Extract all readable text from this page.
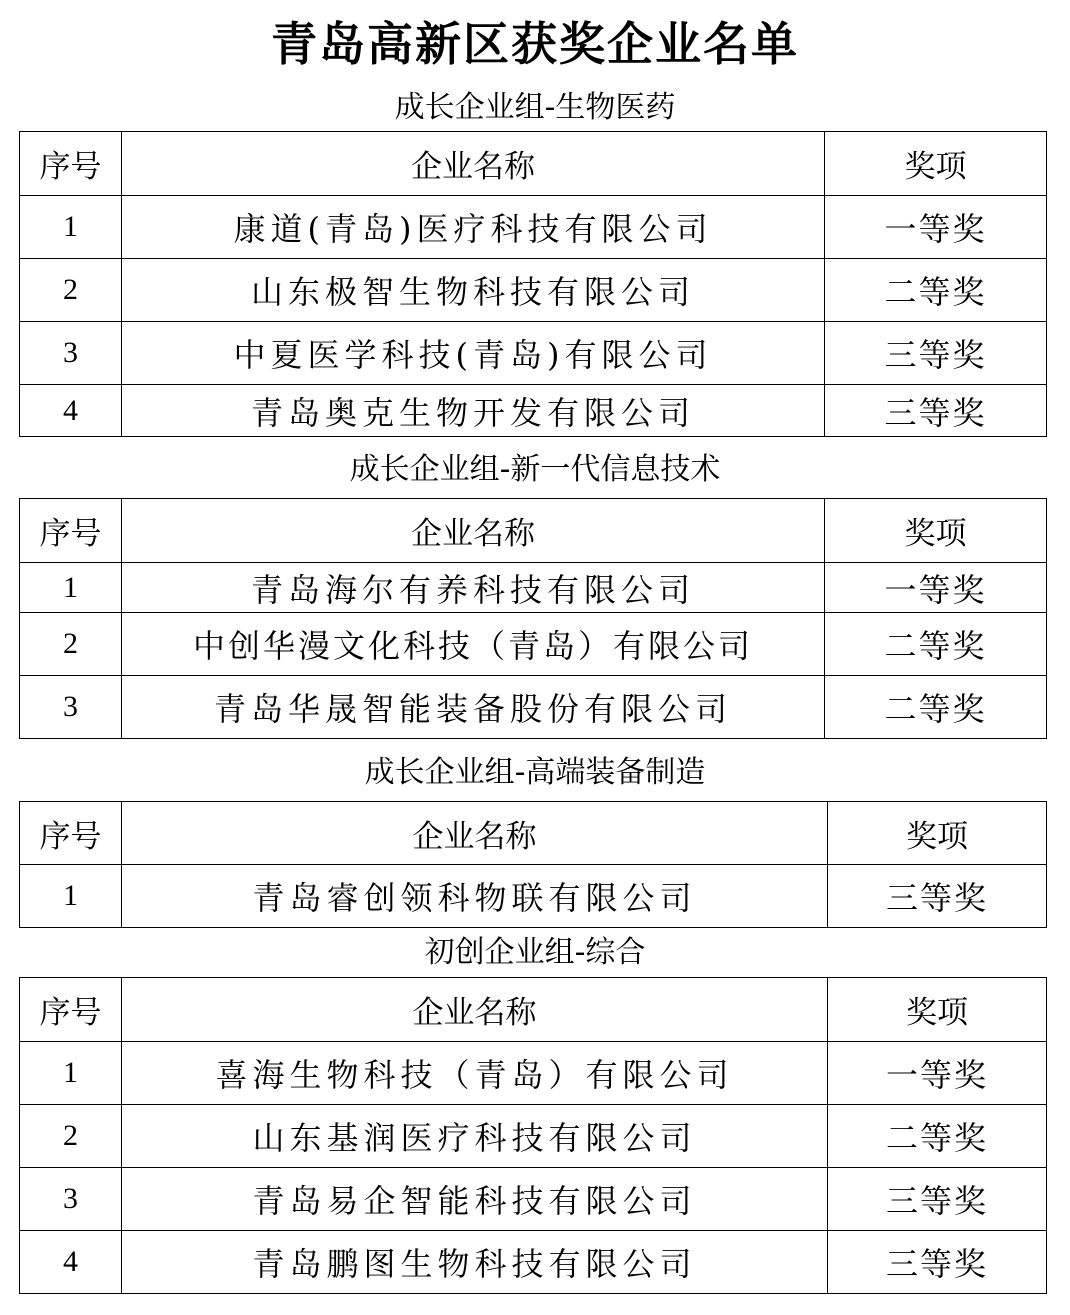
青岛高新区获奖企业名单
成长企业组-生物医药
序号	企业名称	奖项
1	康道(青岛)医疗科技有限公司	一等奖
2	山东极智生物科技有限公司	二等奖
3	中夏医学科技(青岛)有限公司	三等奖
4	青岛奥克生物开发有限公司	三等奖
成长企业组-新一代信息技术
序号	企业名称	奖项
1	青岛海尔有养科技有限公司	一等奖
2	中创华漫文化科技（青岛）有限公司	二等奖
3	青岛华晟智能装备股份有限公司	二等奖
成长企业组-高端装备制造
序号	企业名称	奖项
1	青岛睿创领科物联有限公司	三等奖
初创企业组-综合
序号	企业名称	奖项
1	喜海生物科技（青岛）有限公司	一等奖
2	山东基润医疗科技有限公司	二等奖
3	青岛易企智能科技有限公司	三等奖
4	青岛鹏图生物科技有限公司	三等奖
